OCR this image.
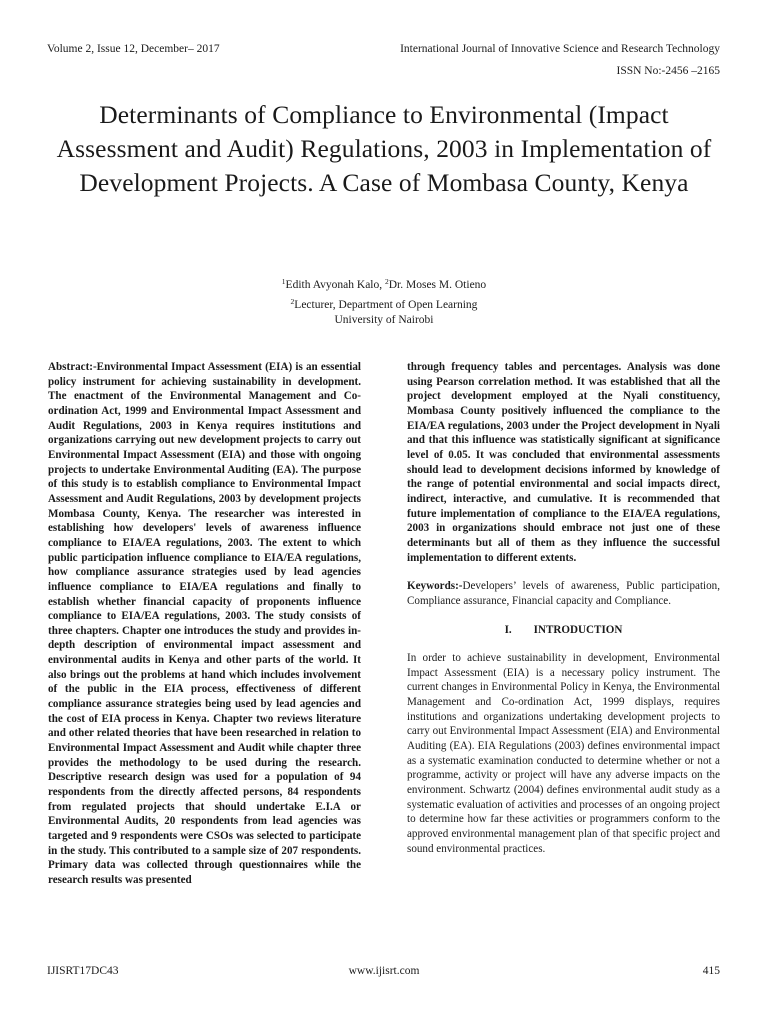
Volume 2, Issue 12, December– 2017	International Journal of Innovative Science and Research Technology
ISSN No:-2456 –2165
Determinants of Compliance to Environmental (Impact Assessment and Audit) Regulations, 2003 in Implementation of Development Projects. A Case of Mombasa County, Kenya
$^1$Edith Avyonah Kalo, $^2$Dr. Moses M. Otieno
$^2$Lecturer, Department of Open Learning
University of Nairobi

Abstract:-Environmental Impact Assessment (EIA) is an essential policy instrument for achieving sustainability in development. The enactment of the Environmental Management and Co-ordination Act, 1999 and Environmental Impact Assessment and Audit Regulations, 2003 in Kenya requires institutions and organizations carrying out new development projects to carry out Environmental Impact Assessment (EIA) and those with ongoing projects to undertake Environmental Auditing (EA). The purpose of this study is to establish compliance to Environmental Impact Assessment and Audit Regulations, 2003 by development projects Mombasa County, Kenya. The researcher was interested in establishing how developers' levels of awareness influence compliance to EIA/EA regulations, 2003. The extent to which public participation influence compliance to EIA/EA regulations, how compliance assurance strategies used by lead agencies influence compliance to EIA/EA regulations and finally to establish whether financial capacity of proponents influence compliance to EIA/EA regulations, 2003. The study consists of three chapters. Chapter one introduces the study and provides in-depth description of environmental impact assessment and environmental audits in Kenya and other parts of the world. It also brings out the problems at hand which includes involvement of the public in the EIA process, effectiveness of different compliance assurance strategies being used by lead agencies and the cost of EIA process in Kenya. Chapter two reviews literature and other related theories that have been researched in relation to Environmental Impact Assessment and Audit while chapter three provides the methodology to be used during the research. Descriptive research design was used for a population of 94 respondents from the directly affected persons, 84 respondents from regulated projects that should undertake E.I.A or Environmental Audits, 20 respondents from lead agencies was targeted and 9 respondents were CSOs was selected to participate in the study. This contributed to a sample size of 207 respondents. Primary data was collected through questionnaires while the research results was presented

through frequency tables and percentages. Analysis was done using Pearson correlation method. It was established that all the project development employed at the Nyali constituency, Mombasa County positively influenced the compliance to the EIA/EA regulations, 2003 under the Project development in Nyali and that this influence was statistically significant at significance level of 0.05. It was concluded that environmental assessments should lead to development decisions informed by knowledge of the range of potential environmental and social impacts direct, indirect, interactive, and cumulative. It is recommended that future implementation of compliance to the EIA/EA regulations, 2003 in organizations should embrace not just one of these determinants but all of them as they influence the successful implementation to different extents.

Keywords:-Developers’ levels of awareness, Public participation, Compliance assurance, Financial capacity and Compliance.

I. INTRODUCTION

In order to achieve sustainability in development, Environmental Impact Assessment (EIA) is a necessary policy instrument. The current changes in Environmental Policy in Kenya, the Environmental Management and Co-ordination Act, 1999 displays, requires institutions and organizations undertaking development projects to carry out Environmental Impact Assessment (EIA) and Environmental Auditing (EA). EIA Regulations (2003) defines environmental impact as a systematic examination conducted to determine whether or not a programme, activity or project will have any adverse impacts on the environment. Schwartz (2004) defines environmental audit study as a systematic evaluation of activities and processes of an ongoing project to determine how far these activities or programmers conform to the approved environmental management plan of that specific project and sound environmental practices.

IJISRT17DC43	www.ijisrt.com	415
